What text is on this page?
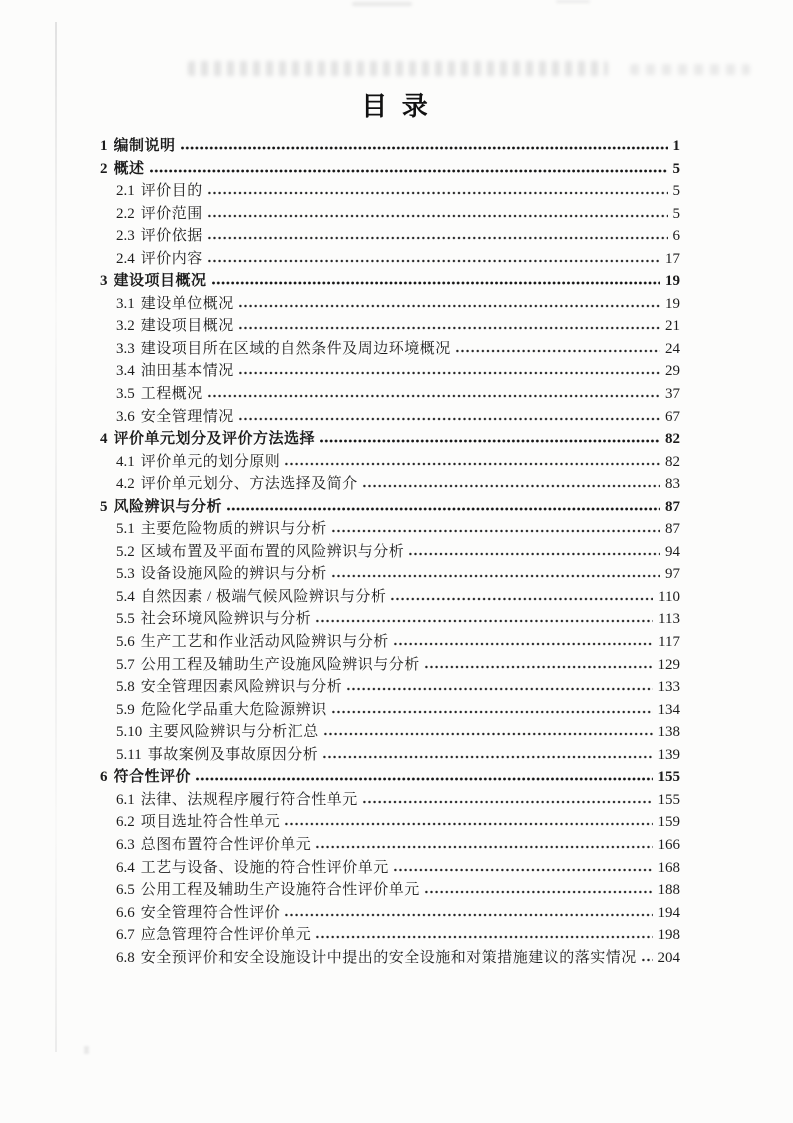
目 录
1 编制说明	1
2 概述	5
2.1 评价目的	5
2.2 评价范围	5
2.3 评价依据	6
2.4 评价内容	17
3 建设项目概况	19
3.1 建设单位概况	19
3.2 建设项目概况	21
3.3 建设项目所在区域的自然条件及周边环境概况	24
3.4 油田基本情况	29
3.5 工程概况	37
3.6 安全管理情况	67
4 评价单元划分及评价方法选择	82
4.1 评价单元的划分原则	82
4.2 评价单元划分、方法选择及简介	83
5 风险辨识与分析	87
5.1 主要危险物质的辨识与分析	87
5.2 区域布置及平面布置的风险辨识与分析	94
5.3 设备设施风险的辨识与分析	97
5.4 自然因素 / 极端气候风险辨识与分析	110
5.5 社会环境风险辨识与分析	113
5.6 生产工艺和作业活动风险辨识与分析	117
5.7 公用工程及辅助生产设施风险辨识与分析	129
5.8 安全管理因素风险辨识与分析	133
5.9 危险化学品重大危险源辨识	134
5.10 主要风险辨识与分析汇总	138
5.11 事故案例及事故原因分析	139
6 符合性评价	155
6.1 法律、法规程序履行符合性单元	155
6.2 项目选址符合性单元	159
6.3 总图布置符合性评价单元	166
6.4 工艺与设备、设施的符合性评价单元	168
6.5 公用工程及辅助生产设施符合性评价单元	188
6.6 安全管理符合性评价	194
6.7 应急管理符合性评价单元	198
6.8 安全预评价和安全设施设计中提出的安全设施和对策措施建议的落实情况 204
